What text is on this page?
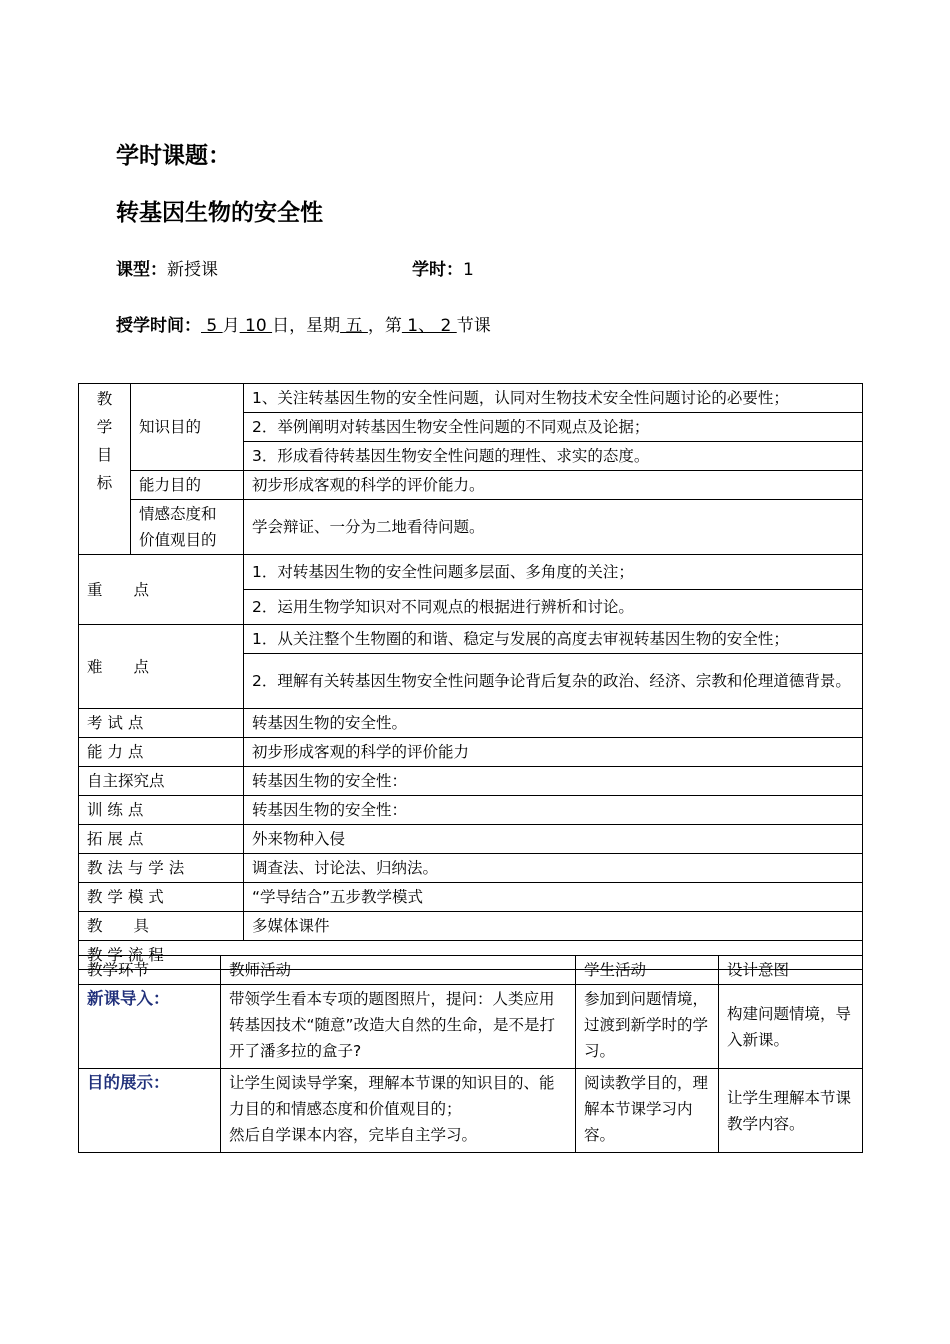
学时课题：
转基因生物的安全性
课型：新授课	学时：1
授学时间： 5 月 10 日，星期 五 ，第 1、 2 节课
教
学
目
标	知识目的	1、关注转基因生物的安全性问题，认同对生物技术安全性问题讨论的必要性；
		2．举例阐明对转基因生物安全性问题的不同观点及论据；
		3．形成看待转基因生物安全性问题的理性、求实的态度。
	能力目的	初步形成客观的科学的评价能力。

	情感态度和
价值观目的	学会辩证、一分为二地看待问题。

重　　点		1．对转基因生物的安全性问题多层面、多角度的关注；
		2．运用生物学知识对不同观点的根据进行辨析和讨论。
难　　点		1．从关注整个生物圈的和谐、稳定与发展的高度去审视转基因生物的安全性；
		2．理解有关转基因生物安全性问题争论背后复杂的政治、经济、宗教和伦理道德背景。
考 试 点		转基因生物的安全性。
能 力 点		初步形成客观的科学的评价能力
自主探究点		转基因生物的安全性：
训 练 点		转基因生物的安全性：
拓 展 点		外来物种入侵
教 法 与 学 法		调查法、讨论法、归纳法。
教 学 模 式		“学导结合”五步教学模式
教　　具		多媒体课件
教 学 流 程		
教学环节	教师活动	学生活动	设计意图
新课导入：	带领学生看本专项的题图照片，提问：人类应用转基因技术“随意”改造大自然的生命，是不是打开了潘多拉的盒子?	参加到问题情境，过渡到新学时的学习。	构建问题情境，导入新课。
目的展示：	让学生阅读导学案，理解本节课的知识目的、能力目的和情感态度和价值观目的；
然后自学课本内容，完毕自主学习。	阅读教学目的，理解本节课学习内容。	让学生理解本节课教学内容。
